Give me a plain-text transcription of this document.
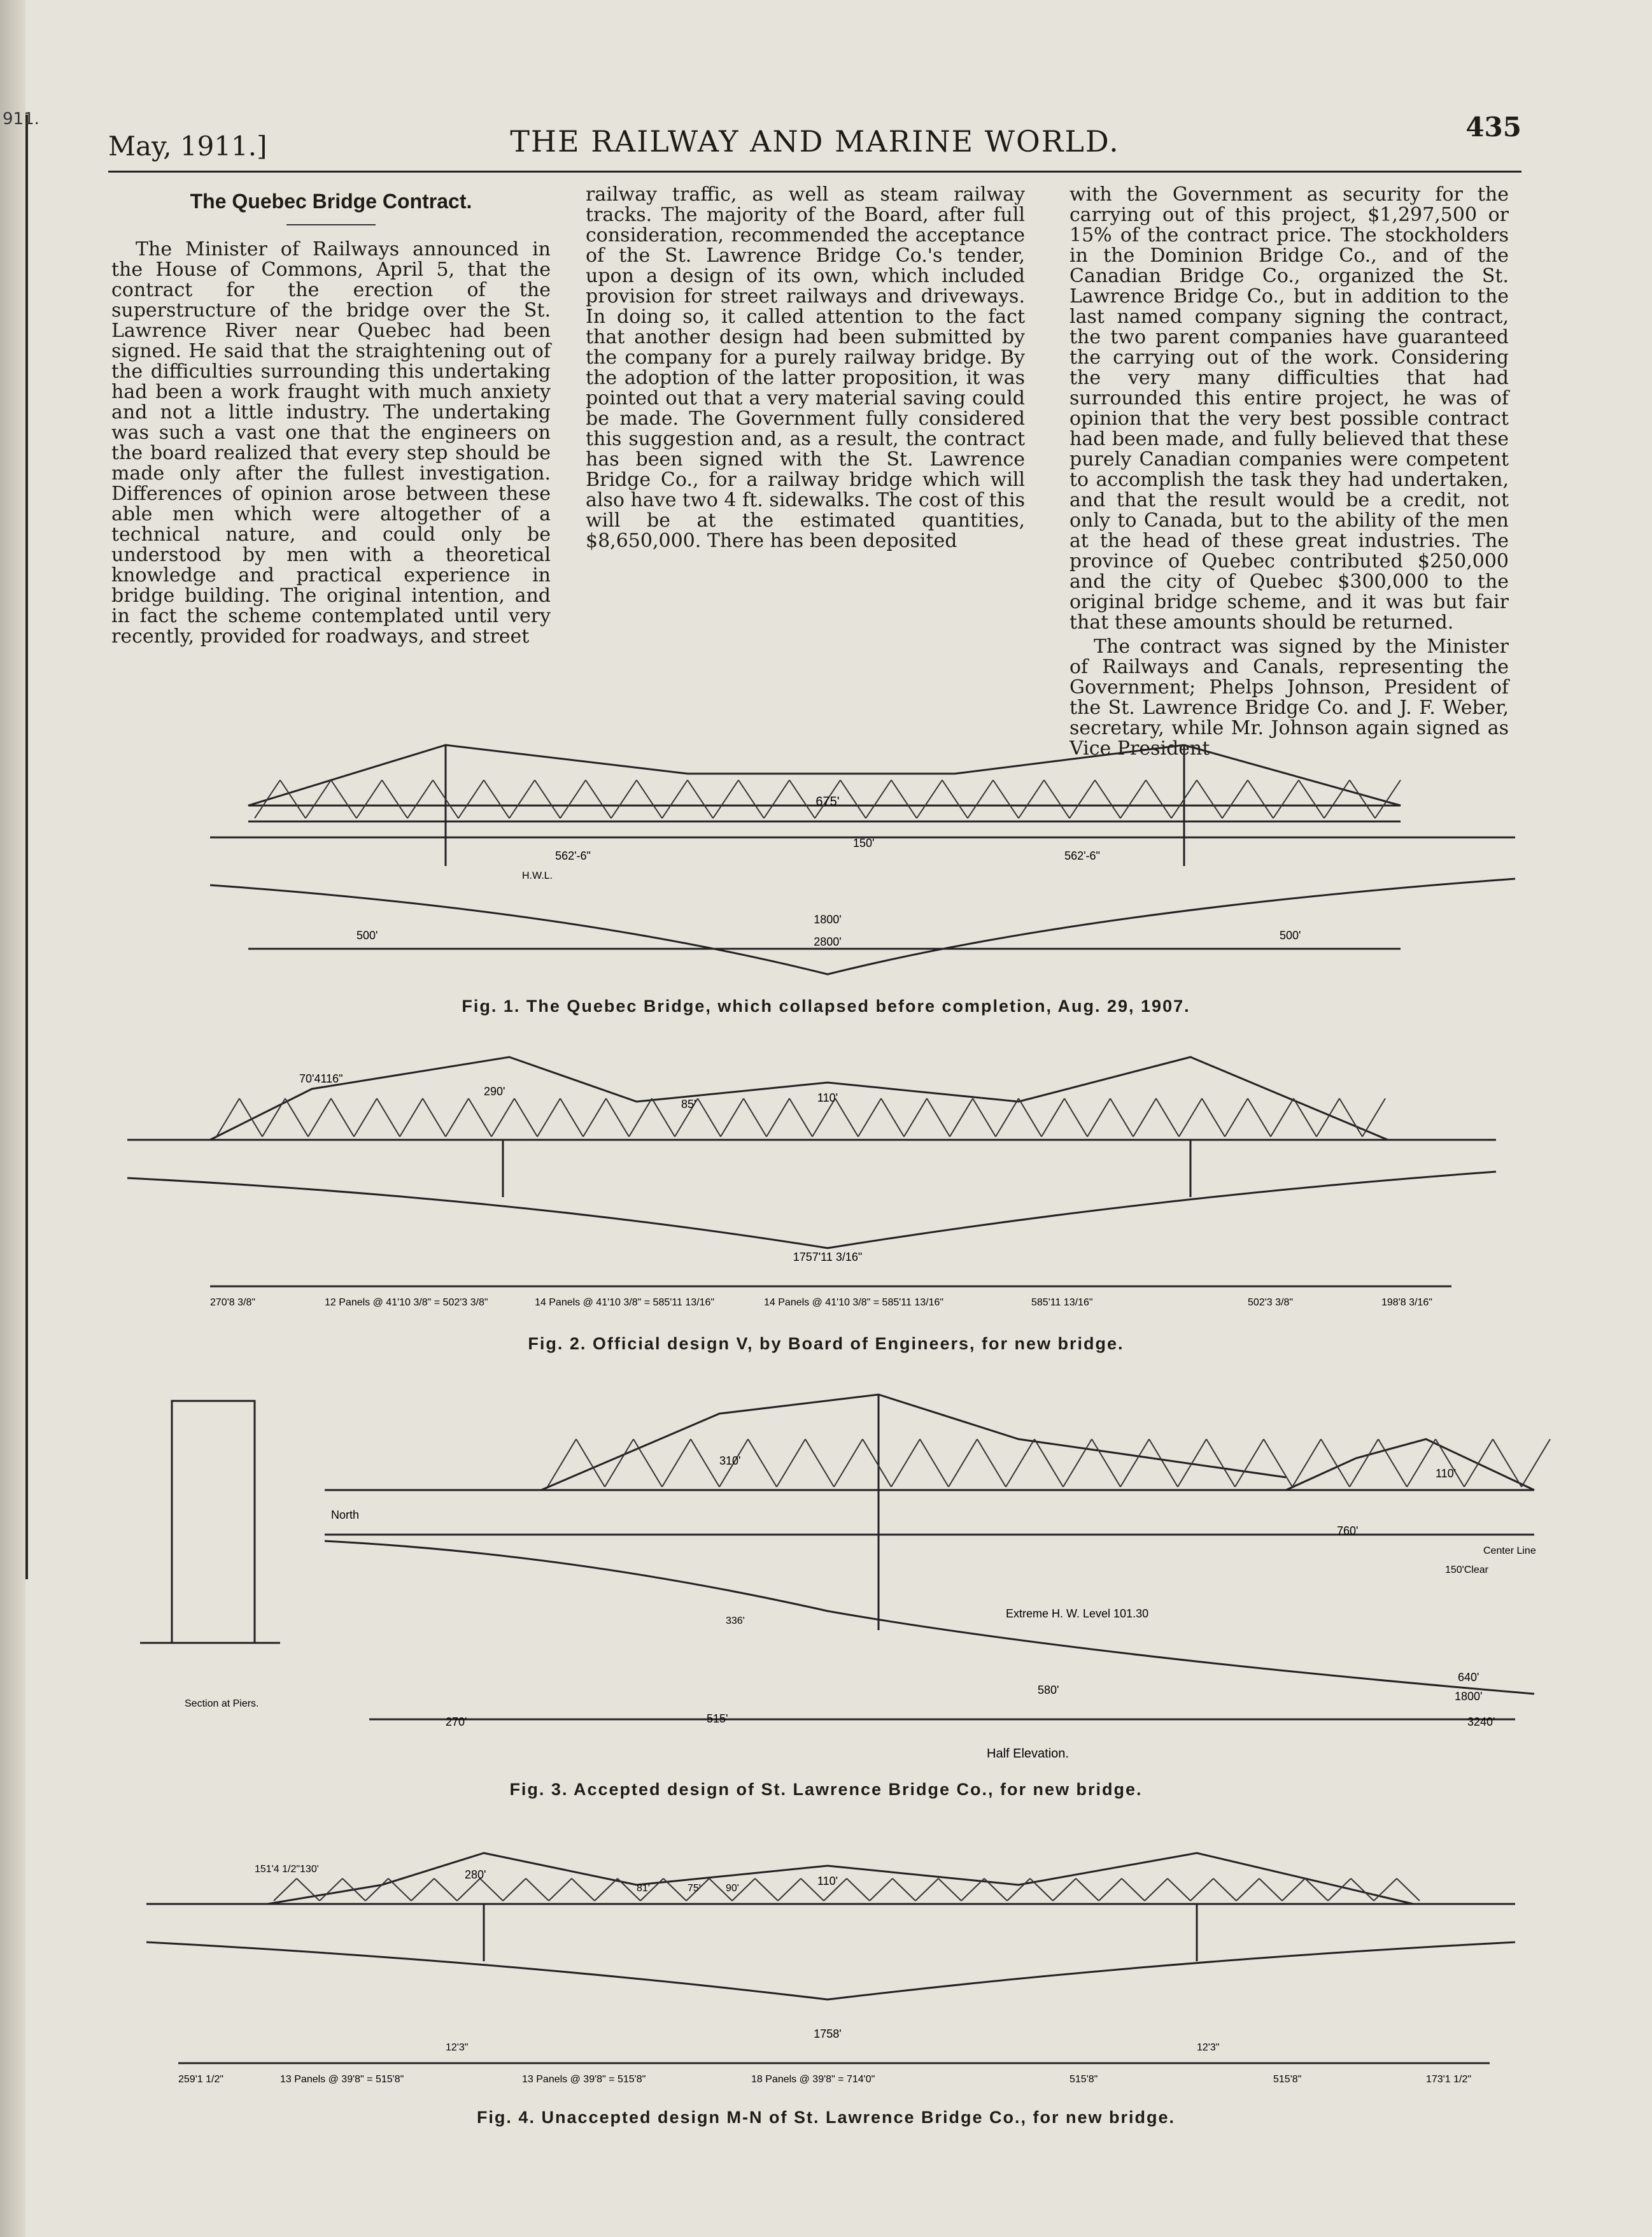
911.
May, 1911.]	THE RAILWAY AND MARINE WORLD.	435
The Quebec Bridge Contract.

The Minister of Railways announced in the House of Commons, April 5, that the contract for the erection of the superstructure of the bridge over the St. Lawrence River near Quebec had been signed. He said that the straightening out of the difficulties surrounding this undertaking had been a work fraught with much anxiety and not a little industry. The undertaking was such a vast one that the engineers on the board realized that every step should be made only after the fullest investigation. Differences of opinion arose between these able men which were altogether of a technical nature, and could only be understood by men with a theoretical knowledge and practical experience in bridge building. The original intention, and in fact the scheme contemplated until very recently, provided for roadways, and street

railway traffic, as well as steam railway tracks. The majority of the Board, after full consideration, recommended the acceptance of the St. Lawrence Bridge Co.'s tender, upon a design of its own, which included provision for street railways and driveways. In doing so, it called attention to the fact that another design had been submitted by the company for a purely railway bridge. By the adoption of the latter proposition, it was pointed out that a very material saving could be made. The Government fully considered this suggestion and, as a result, the contract has been signed with the St. Lawrence Bridge Co., for a railway bridge which will also have two 4 ft. sidewalks. The cost of this will be at the estimated quantities, $8,650,000. There has been deposited

with the Government as security for the carrying out of this project, $1,297,500 or 15% of the contract price. The stockholders in the Dominion Bridge Co., and of the Canadian Bridge Co., organized the St. Lawrence Bridge Co., but in addition to the last named company signing the contract, the two parent companies have guaranteed the carrying out of the work. Considering the very many difficulties that had surrounded this entire project, he was of opinion that the very best possible contract had been made, and fully believed that these purely Canadian companies were competent to accomplish the task they had undertaken, and that the result would be a credit, not only to Canada, but to the ability of the men at the head of these great industries. The province of Quebec contributed $250,000 and the city of Quebec $300,000 to the original bridge scheme, and it was but fair that these amounts should be returned.

The contract was signed by the Minister of Railways and Canals, representing the Government; Phelps Johnson, President of the St. Lawrence Bridge Co. and J. F. Weber, secretary, while Mr. Johnson again signed as Vice President

675'
562'-6"	562'-6"
150'
H.W.L.
500'	500'
1800'
2800'
Fig. 1. The Quebec Bridge, which collapsed before completion, Aug. 29, 1907.
70'4116"
290'
85'	110'
1757'11 3/16"
270'8 3/8"	12 Panels @ 41'10 3/8" = 502'3 3/8"	14 Panels @ 41'10 3/8" = 585'11 13/16"	14 Panels @ 41'10 3/8" = 585'11 13/16"	585'11 13/16"	502'3 3/8"	198'8 3/16"
Fig. 2. Official design V, by Board of Engineers, for new bridge.
North
310'
110'
336'
Extreme H. W. Level 101.30
760'
150'Clear
Center Line
580'
640'
1800'
270'	515'	3240'
Half Elevation.
Section at Piers.
Fig. 3. Accepted design of St. Lawrence Bridge Co., for new bridge.
151'4 1/2"130'	280'
81'	75' 90'
110'
1758'
12'3"	12'3"
259'1 1/2"	13 Panels @ 39'8" = 515'8"	13 Panels @ 39'8" = 515'8"	18 Panels @ 39'8" = 714'0"	515'8"	515'8"	173'1 1/2"
Fig. 4. Unaccepted design M-N of St. Lawrence Bridge Co., for new bridge.
